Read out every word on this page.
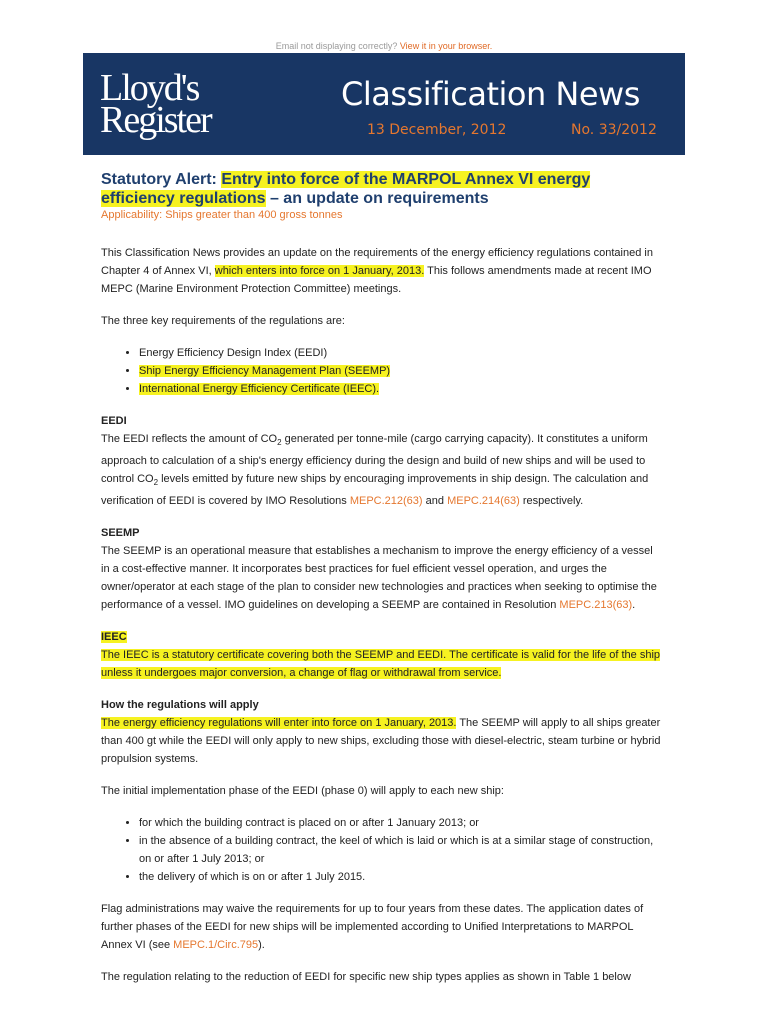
Email not displaying correctly? View it in your browser.
Lloyd's
Register
Classification News
13 December, 2012	No. 33/2012
Statutory Alert: Entry into force of the MARPOL Annex VI energy efficiency regulations – an update on requirements
Applicability: Ships greater than 400 gross tonnes

This Classification News provides an update on the requirements of the energy efficiency regulations contained in Chapter 4 of Annex VI, which enters into force on 1 January, 2013. This follows amendments made at recent IMO MEPC (Marine Environment Protection Committee) meetings.

The three key requirements of the regulations are:

• Energy Efficiency Design Index (EEDI)
• Ship Energy Efficiency Management Plan (SEEMP)
• International Energy Efficiency Certificate (IEEC).
EEDI

The EEDI reflects the amount of $CO_2$ generated per tonne-mile (cargo carrying capacity). It constitutes a uniform approach to calculation of a ship's energy efficiency during the design and build of new ships and will be used to control $CO_2$ levels emitted by future new ships by encouraging improvements in ship design. The calculation and verification of EEDI is covered by IMO Resolutions MEPC.212(63) and MEPC.214(63) respectively.

SEEMP

The SEEMP is an operational measure that establishes a mechanism to improve the energy efficiency of a vessel in a cost-effective manner. It incorporates best practices for fuel efficient vessel operation, and urges the owner/operator at each stage of the plan to consider new technologies and practices when seeking to optimise the performance of a vessel. IMO guidelines on developing a SEEMP are contained in Resolution MEPC.213(63).

IEEC

The IEEC is a statutory certificate covering both the SEEMP and EEDI. The certificate is valid for the life of the ship unless it undergoes major conversion, a change of flag or withdrawal from service.

How the regulations will apply

The energy efficiency regulations will enter into force on 1 January, 2013. The SEEMP will apply to all ships greater than 400 gt while the EEDI will only apply to new ships, excluding those with diesel-electric, steam turbine or hybrid propulsion systems.

The initial implementation phase of the EEDI (phase 0) will apply to each new ship:

• for which the building contract is placed on or after 1 January 2013; or
• in the absence of a building contract, the keel of which is laid or which is at a similar stage of construction, on or after 1 July 2013; or
• the delivery of which is on or after 1 July 2015.

Flag administrations may waive the requirements for up to four years from these dates. The application dates of further phases of the EEDI for new ships will be implemented according to Unified Interpretations to MARPOL Annex VI (see MEPC.1/Circ.795).

The regulation relating to the reduction of EEDI for specific new ship types applies as shown in Table 1 below
